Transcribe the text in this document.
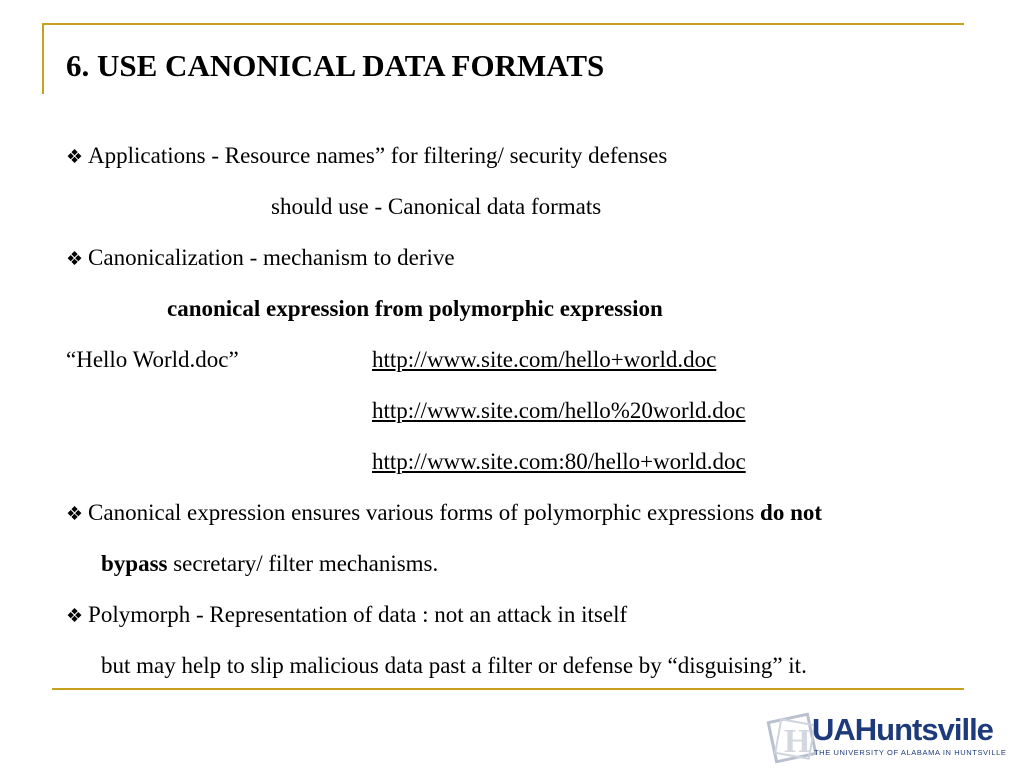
6. USE CANONICAL DATA FORMATS
❖ Applications - Resource names” for filtering/ security defenses
should use - Canonical data formats
❖ Canonicalization - mechanism to derive
canonical expression from polymorphic expression
“Hello World.doc”	http://www.site.com/hello+world.doc
http://www.site.com/hello%20world.doc
http://www.site.com:80/hello+world.doc
❖ Canonical expression ensures various forms of polymorphic expressions do not
bypass secretary/ filter mechanisms.
❖ Polymorph - Representation of data : not an attack in itself
but may help to slip malicious data past a filter or defense by “disguising” it.
H UAHuntsville
THE UNIVERSITY OF ALABAMA IN HUNTSVILLE
